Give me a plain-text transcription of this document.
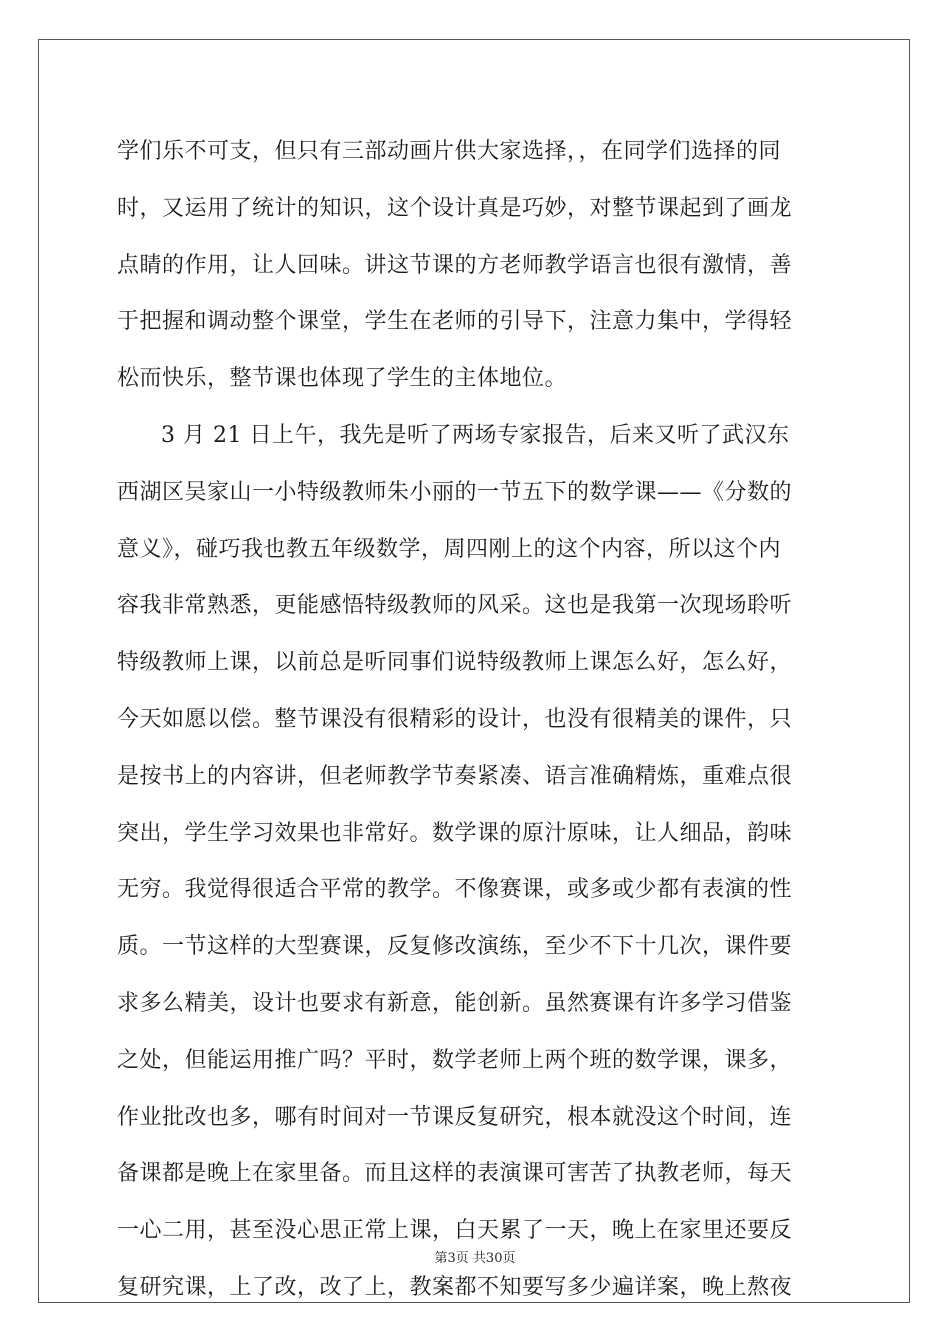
学们乐不可支，但只有三部动画片供大家选择，，在同学们选择的同
时，又运用了统计的知识，这个设计真是巧妙，对整节课起到了画龙
点睛的作用，让人回味。讲这节课的方老师教学语言也很有激情，善
于把握和调动整个课堂，学生在老师的引导下，注意力集中，学得轻
松而快乐，整节课也体现了学生的主体地位。
3 月 21 日上午，我先是听了两场专家报告，后来又听了武汉东
西湖区吴家山一小特级教师朱小丽的一节五下的数学课——《分数的
意义》，碰巧我也教五年级数学，周四刚上的这个内容，所以这个内
容我非常熟悉，更能感悟特级教师的风采。这也是我第一次现场聆听
特级教师上课，以前总是听同事们说特级教师上课怎么好，怎么好，
今天如愿以偿。整节课没有很精彩的设计，也没有很精美的课件，只
是按书上的内容讲，但老师教学节奏紧凑、语言准确精炼，重难点很
突出，学生学习效果也非常好。数学课的原汁原味，让人细品，韵味
无穷。我觉得很适合平常的教学。不像赛课，或多或少都有表演的性
质。一节这样的大型赛课，反复修改演练，至少不下十几次，课件要
求多么精美，设计也要求有新意，能创新。虽然赛课有许多学习借鉴
之处，但能运用推广吗？平时，数学老师上两个班的数学课，课多，
作业批改也多，哪有时间对一节课反复研究，根本就没这个时间，连
备课都是晚上在家里备。而且这样的表演课可害苦了执教老师，每天
一心二用，甚至没心思正常上课，白天累了一天，晚上在家里还要反
复研究课，上了改，改了上，教案都不知要写多少遍详案，晚上熬夜
第3页 共30页
